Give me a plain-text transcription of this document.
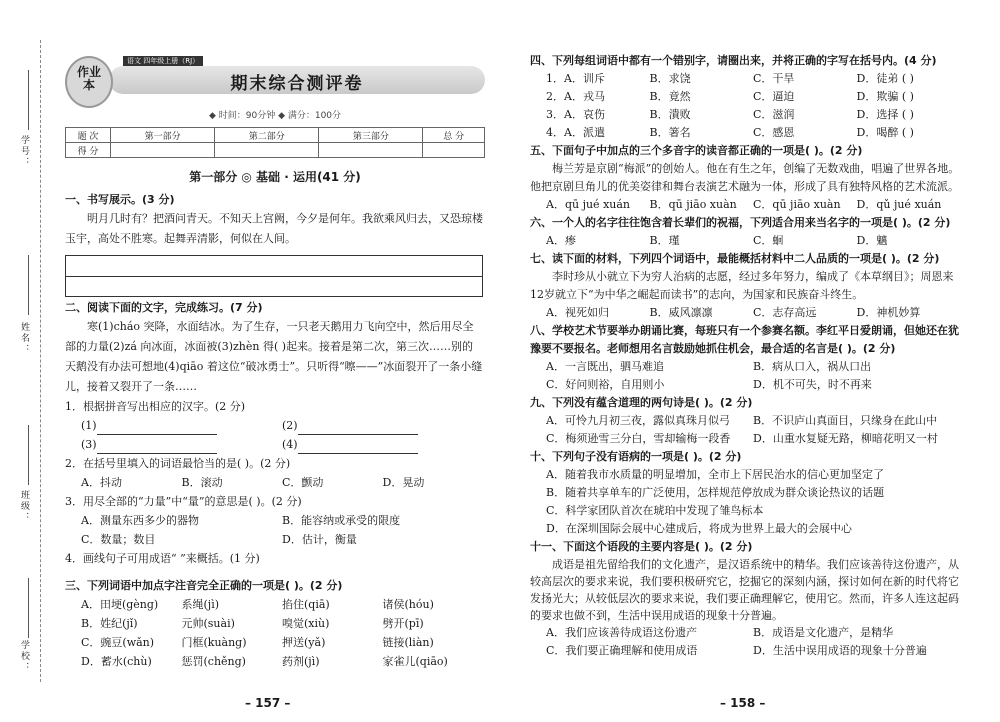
学号：
姓名：
班级：
学校：
期末综合测评卷
语文 四年级上册（RJ）
作业本
◆ 时间：90分钟 ◆ 满分：100分
题 次	第一部分	第二部分	第三部分	总 分
得 分				
第一部分 ◎ 基础 · 运用(41 分)
一、书写展示。(3 分)
明月几时有？把酒问青天。不知天上宫阙，今夕是何年。我欲乘风归去，又恐琼楼玉宇，高处不胜寒。起舞弄清影，何似在人间。
二、阅读下面的文字，完成练习。(7 分)
寒(1)cháo 突降，水面结冰。为了生存，一只老天鹅用力飞向空中，然后用尽全部的力量(2)zá 向冰面，冰面被(3)zhèn 得( )起来。接着是第二次，第三次……别的天鹅没有办法可想地(4)qiāo 着这位“破冰勇士”。只听得“嚓——”冰面裂开了一条小缝儿，接着又裂开了一条……
1．根据拼音写出相应的汉字。(2 分)
(1)	(2)
(3)	(4)
2．在括号里填入的词语最恰当的是( )。(2 分)
A．抖动	B．滚动	C．颤动	D．晃动
3．用尽全部的“力量”中“量”的意思是( )。(2 分)
A．测量东西多少的器物	B．能容纳或承受的限度
C．数量；数目	D．估计，衡量
4．画线句子可用成语“ ”来概括。(1 分)
三、下列词语中加点字注音完全正确的一项是( )。(2 分)
A．田埂(gèng)	系绳(jì)	掐住(qiā)	诸侯(hóu)
B．姓纪(jǐ)	元帅(suài)	嗅觉(xiù)	劈开(pī)
C．豌豆(wǎn)	门框(kuàng)	押送(yǎ)	链接(liàn)
D．蓄水(chù)	惩罚(chěng)	药剂(jì)	家雀儿(qiāo)
– 157 –
四、下列每组词语中都有一个错别字，请圈出来，并将正确的字写在括号内。(4 分)
1．A．训斥	B．求饶	C．干旱	D．徒弟 ( )
2．A．戎马	B．竟然	C．逼迫	D．欺骗 ( )
3．A．哀伤	B．潰败	C．滋润	D．选择 ( )
4．A．派遣	B．箸名	C．感恩	D．喝醉 ( )
五、下面句子中加点的三个多音字的读音都正确的一项是( )。(2 分)
梅兰芳是京剧“梅派”的创始人。他在有生之年，创编了无数戏曲，唱遍了世界各地。他把京剧旦角儿的优美姿律和舞台表演艺术融为一体，形成了具有独特风格的艺术流派。
A．qū jué xuán	B．qū jiāo xuàn	C．qū jiāo xuàn	D．qǔ jué xuán
六、一个人的名字往往饱含着长辈们的祝福，下列适合用来当名字的一项是( )。(2 分)
A．瘆	B．瑾	C．蛔	D．魑
七、读下面的材料，下列四个词语中，最能概括材料中二人品质的一项是( )。(2 分)
李时珍从小就立下为穷人治病的志愿，经过多年努力，编成了《本草纲目》；周恩来12岁就立下“为中华之崛起而读书”的志向，为国家和民族奋斗终生。
A．视死如归	B．威风凛凛	C．志存高远	D．神机妙算
八、学校艺术节要举办朗诵比赛，每班只有一个参赛名额。李红平日爱朗诵，但她还在犹豫要不要报名。老师想用名言鼓励她抓住机会，最合适的名言是( )。(2 分)
A．一言既出，驷马难追	B．病从口入，祸从口出
C．好问则裕，自用则小	D．机不可失，时不再来
九、下列没有蕴含道理的两句诗是( )。(2 分)
A．可怜九月初三夜，露似真珠月似弓	B．不识庐山真面目，只缘身在此山中
C．梅须逊雪三分白，雪却输梅一段香	D．山重水复疑无路，柳暗花明又一村
十、下列句子没有语病的一项是( )。(2 分)
A．随着我市水质量的明显增加，全市上下居民治水的信心更加坚定了
B．随着共享单车的广泛使用，怎样规范停放成为群众谈论热议的话题
C．科学家团队首次在琥珀中发现了雏鸟标本
D．在深圳国际会展中心建成后，将成为世界上最大的会展中心
十一、下面这个语段的主要内容是( )。(2 分)
成语是祖先留给我们的文化遗产，是汉语系统中的精华。我们应该善待这份遗产，从较高层次的要求来说，我们要积极研究它，挖掘它的深刻内涵，探讨如何在新的时代将它发扬光大；从较低层次的要求来说，我们要正确理解它，使用它。然而，许多人连这起码的要求也做不到，生活中误用成语的现象十分普遍。
A．我们应该善待成语这份遗产	B．成语是文化遗产，是精华
C．我们要正确理解和使用成语	D．生活中误用成语的现象十分普遍
– 158 –
